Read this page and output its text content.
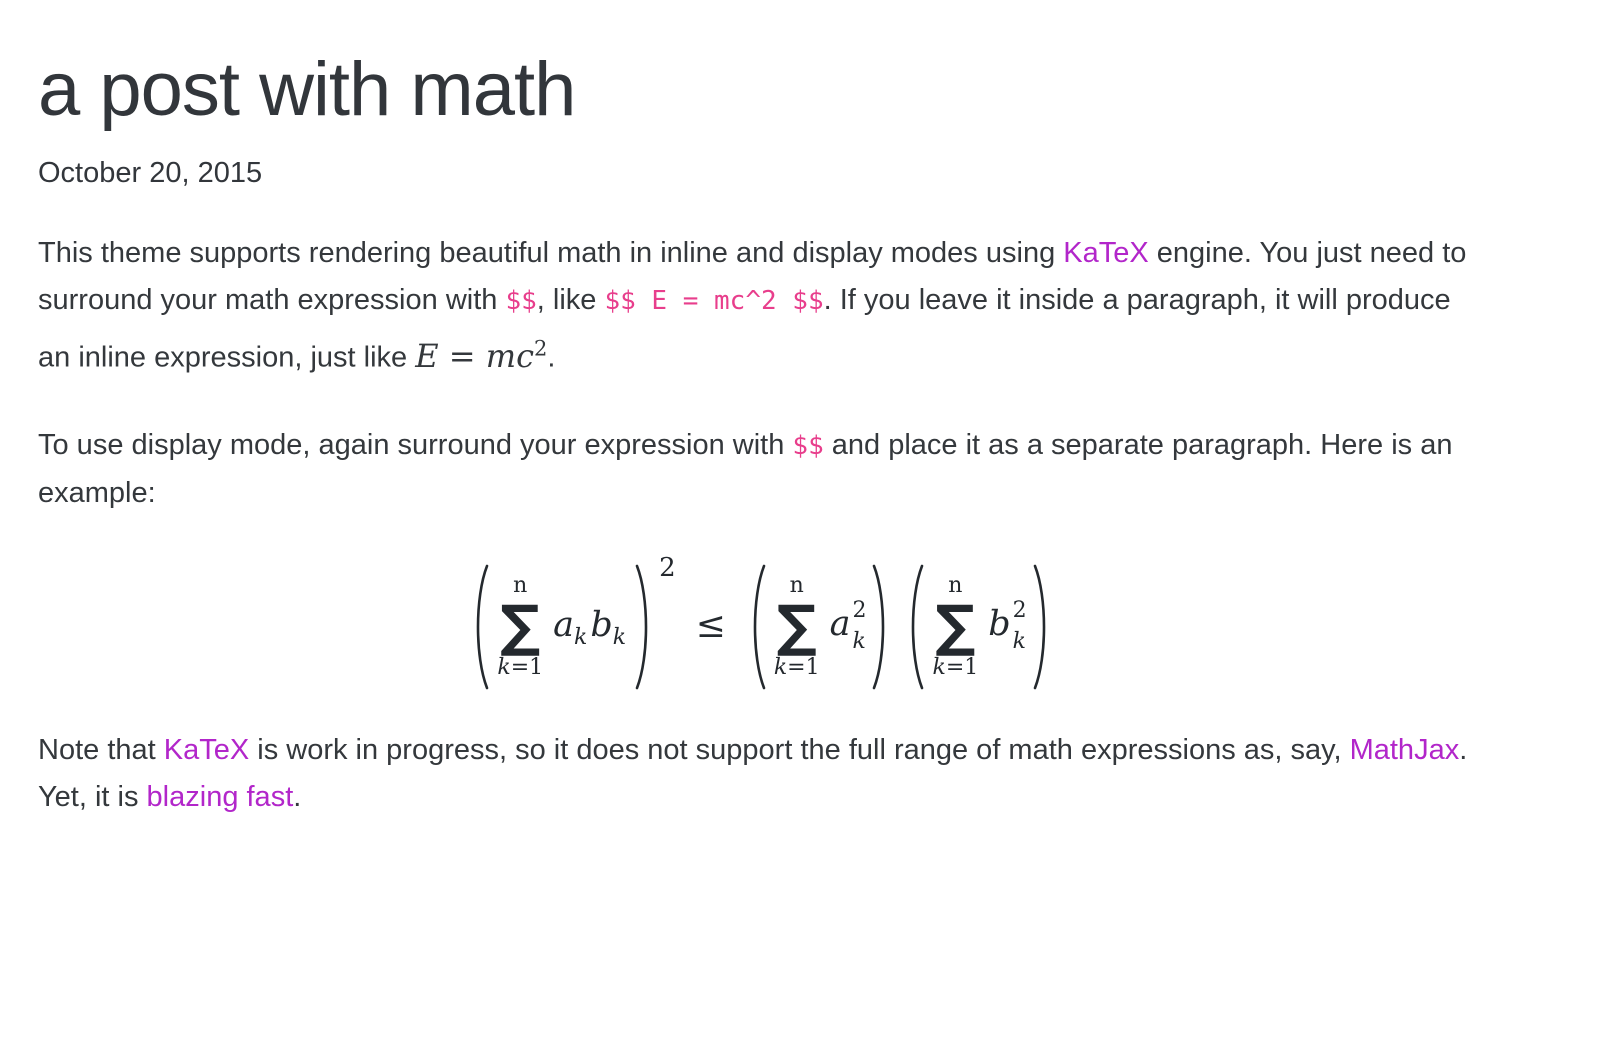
a post with math

October 20, 2015

This theme supports rendering beautiful math in inline and display modes using KaTeX engine. You just need to surround your math expression with $$, like $$ E = mc^2 $$. If you leave it inside a paragraph, it will produce an inline expression, just like $E = mc^2$.

To use display mode, again surround your expression with $$ and place it as a separate paragraph. Here is an example:

n
∑
k=1
akbk
2
≤
n
∑
k=1
a 2
k
n
∑
k=1
b 2
k

Note that KaTeX is work in progress, so it does not support the full range of math expressions as, say, MathJax. Yet, it is blazing fast.
